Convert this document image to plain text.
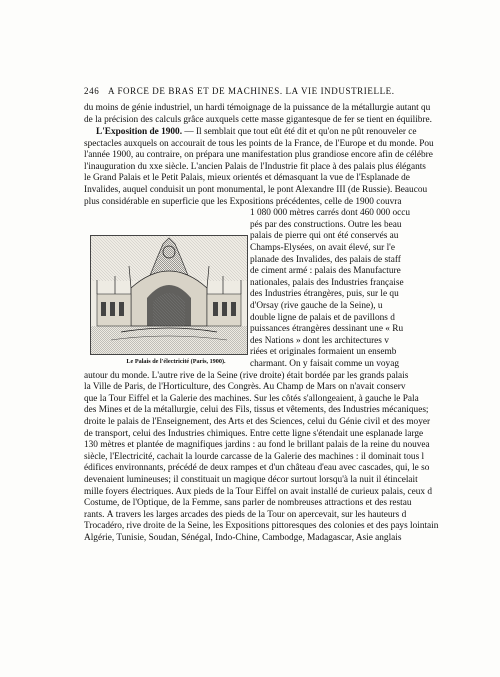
246 A FORCE DE BRAS ET DE MACHINES. LA VIE INDUSTRIELLE.
du moins de génie industriel, un hardi témoignage de la puissance de la métallurgie autant qu
de la précision des calculs grâce auxquels cette masse gigantesque de fer se tient en équilibre.
L'Exposition de 1900. — Il semblait que tout eût été dit et qu'on ne pût renouveler ce
spectacles auxquels on accourait de tous les points de la France, de l'Europe et du monde. Pou
l'année 1900, au contraire, on prépara une manifestation plus grandiose encore afin de célébre
l'inauguration du xxe siècle. L'ancien Palais de l'Industrie fit place à des palais plus élégants
le Grand Palais et le Petit Palais, mieux orientés et démasquant la vue de l'Esplanade de
Invalides, auquel conduisit un pont monumental, le pont Alexandre III (de Russie). Beaucou
plus considérable en superficie que les Expositions précédentes, celle de 1900 couvra
1 080 000 mètres carrés dont 460 000 occu
pés par des constructions. Outre les beau
palais de pierre qui ont été conservés au
Champs-Élysées, on avait élevé, sur l'e
planade des Invalides, des palais de staff
de ciment armé : palais des Manufacture
nationales, palais des Industries française
des Industries étrangères, puis, sur le qu
d'Orsay (rive gauche de la Seine), u
double ligne de palais et de pavillons d
puissances étrangères dessinant une « Ru
des Nations » dont les architectures v
riées et originales formaient un ensemb
charmant. On y faisait comme un voyag
Le Palais de l'électricité (Paris, 1900).
autour du monde. L'autre rive de la Seine (rive droite) était bordée par les grands palais
la Ville de Paris, de l'Horticulture, des Congrès. Au Champ de Mars on n'avait conserv
que la Tour Eiffel et la Galerie des machines. Sur les côtés s'allongeaient, à gauche le Pala
des Mines et de la métallurgie, celui des Fils, tissus et vêtements, des Industries mécaniques;
droite le palais de l'Enseignement, des Arts et des Sciences, celui du Génie civil et des moyer
de transport, celui des Industries chimiques. Entre cette ligne s'étendait une esplanade large
130 mètres et plantée de magnifiques jardins : au fond le brillant palais de la reine du nouvea
siècle, l'Électricité, cachait la lourde carcasse de la Galerie des machines : il dominait tous l
édifices environnants, précédé de deux rampes et d'un château d'eau avec cascades, qui, le so
devenaient lumineuses; il constituait un magique décor surtout lorsqu'à la nuit il étincelait
mille foyers électriques. Aux pieds de la Tour Eiffel on avait installé de curieux palais, ceux d
Costume, de l'Optique, de la Femme, sans parler de nombreuses attractions et des restau
rants. À travers les larges arcades des pieds de la Tour on apercevait, sur les hauteurs d
Trocadéro, rive droite de la Seine, les Expositions pittoresques des colonies et des pays lointain
Algérie, Tunisie, Soudan, Sénégal, Indo-Chine, Cambodge, Madagascar, Asie anglais
